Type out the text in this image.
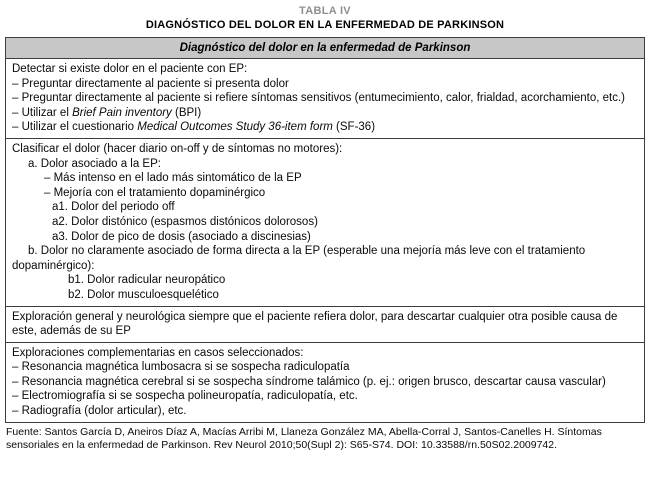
TABLA IV
DIAGNÓSTICO DEL DOLOR EN LA ENFERMEDAD DE PARKINSON
Diagnóstico del dolor en la enfermedad de Parkinson
Detectar si existe dolor en el paciente con EP:
– Preguntar directamente al paciente si presenta dolor
– Preguntar directamente al paciente si refiere síntomas sensitivos (entumecimiento, calor, frialdad, acorchamiento, etc.)
– Utilizar el Brief Pain inventory (BPI)
– Utilizar el cuestionario Medical Outcomes Study 36-item form (SF-36)
Clasificar el dolor (hacer diario on-off y de síntomas no motores):
a. Dolor asociado a la EP:
– Más intenso en el lado más sintomático de la EP
– Mejoría con el tratamiento dopaminérgico
a1. Dolor del periodo off
a2. Dolor distónico (espasmos distónicos dolorosos)
a3. Dolor de pico de dosis (asociado a discinesias)
b. Dolor no claramente asociado de forma directa a la EP (esperable una mejoría más leve con el tratamiento dopaminérgico):
b1. Dolor radicular neuropático
b2. Dolor musculoesquelético
Exploración general y neurológica siempre que el paciente refiera dolor, para descartar cualquier otra posible causa de este, además de su EP
Exploraciones complementarias en casos seleccionados:
– Resonancia magnética lumbosacra si se sospecha radiculopatía
– Resonancia magnética cerebral si se sospecha síndrome talámico (p. ej.: origen brusco, descartar causa vascular)
– Electromiografía si se sospecha polineuropatía, radiculopatía, etc.
– Radiografía (dolor articular), etc.
Fuente: Santos García D, Aneiros Díaz A, Macías Arribi M, Llaneza González MA, Abella-Corral J, Santos-Canelles H. Síntomas sensoriales en la enfermedad de Parkinson. Rev Neurol 2010;50(Supl 2): S65-S74. DOI: 10.33588/rn.50S02.2009742.
